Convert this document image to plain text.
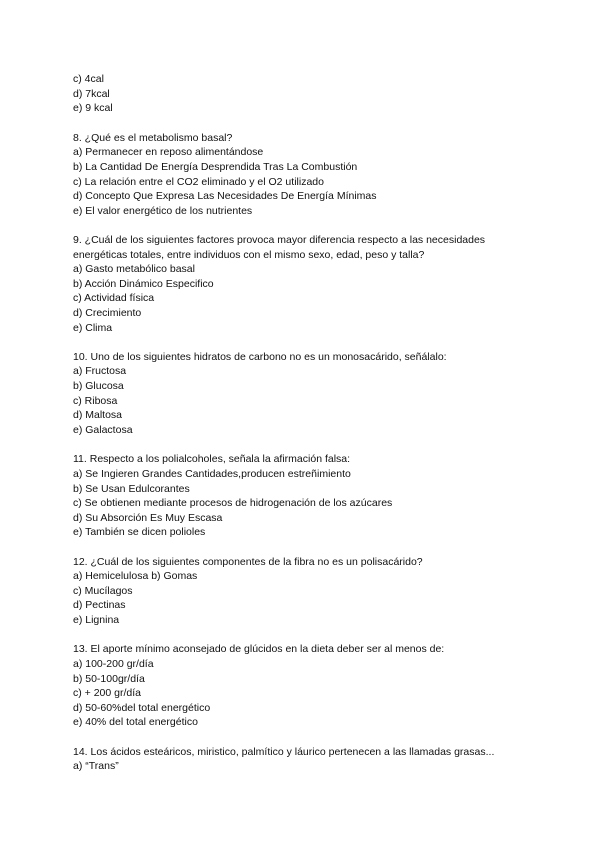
c) 4cal
d) 7kcal
e) 9 kcal
8. ¿Qué es el metabolismo basal?
a) Permanecer en reposo alimentándose
b) La Cantidad De Energía Desprendida Tras La Combustión
c) La relación entre el CO2 eliminado y el O2 utilizado
d) Concepto Que Expresa Las Necesidades De Energía Mínimas
e) El valor energético de los nutrientes
9. ¿Cuál de los siguientes factores provoca mayor diferencia respecto a las necesidades
energéticas totales, entre individuos con el mismo sexo, edad, peso y talla?
a) Gasto metabólico basal
b) Acción Dinámico Especifico
c) Actividad física
d) Crecimiento
e) Clima
10. Uno de los siguientes hidratos de carbono no es un monosacárido, señálalo:
a) Fructosa
b) Glucosa
c) Ribosa
d) Maltosa
e) Galactosa
11. Respecto a los polialcoholes, señala la afirmación falsa:
a) Se Ingieren Grandes Cantidades,producen estreñimiento
b) Se Usan Edulcorantes
c) Se obtienen mediante procesos de hidrogenación de los azúcares
d) Su Absorción Es Muy Escasa
e) También se dicen polioles
12. ¿Cuál de los siguientes componentes de la fibra no es un polisacárido?
a) Hemicelulosa b) Gomas
c) Mucílagos
d) Pectinas
e) Lignina
13. El aporte mínimo aconsejado de glúcidos en la dieta deber ser al menos de:
a) 100-200 gr/día
b) 50-100gr/día
c) + 200 gr/día
d) 50-60%del total energético
e) 40% del total energético
14. Los ácidos esteáricos, miristico, palmítico y láurico pertenecen a las llamadas grasas...
a) “Trans”
